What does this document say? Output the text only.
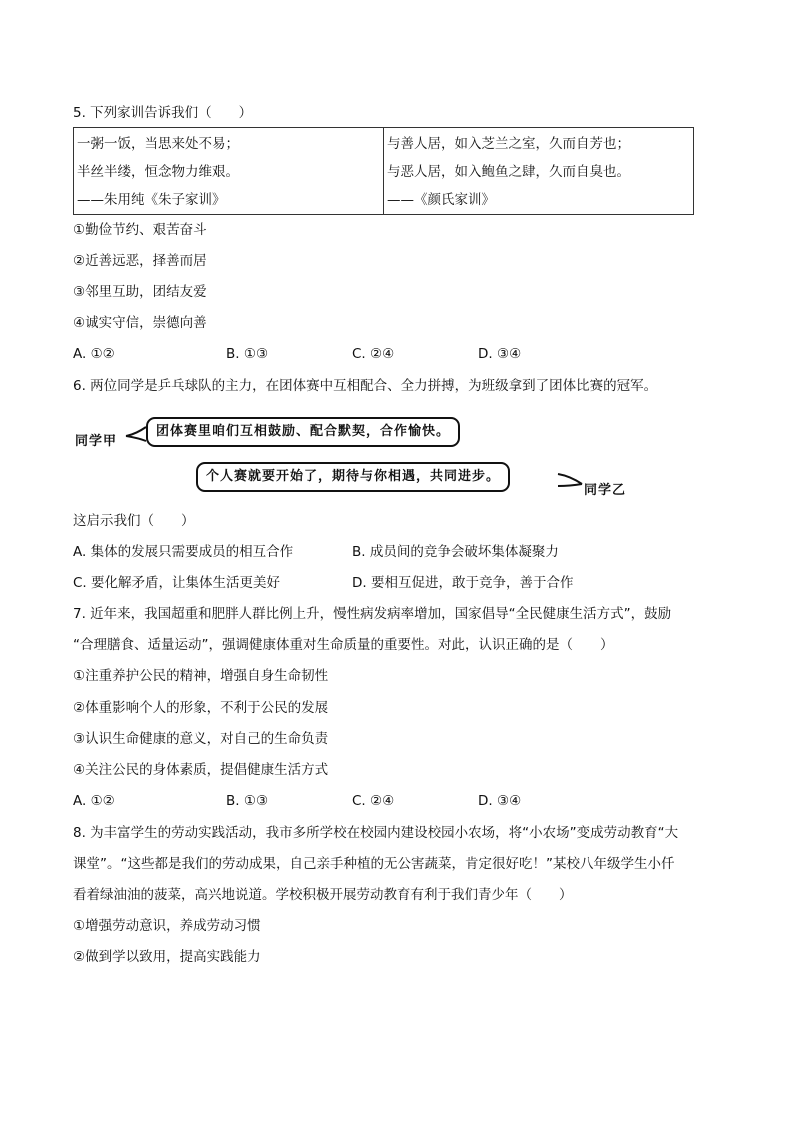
5. 下列家训告诉我们（　　）
一粥一饭，当思来处不易；
半丝半缕，恒念物力维艰。
——朱用纯《朱子家训》

与善人居，如入芝兰之室，久而自芳也；
与恶人居，如入鲍鱼之肆，久而自臭也。
——《颜氏家训》
①勤俭节约、艰苦奋斗
②近善远恶，择善而居
③邻里互助，团结友爱
④诚实守信，崇德向善
A. ①②	B. ①③	C. ②④	D. ③④
6. 两位同学是乒乓球队的主力，在团体赛中互相配合、全力拼搏，为班级拿到了团体比赛的冠军。
同学甲
团体赛里咱们互相鼓励、配合默契，合作愉快。
个人赛就要开始了，期待与你相遇，共同进步。
同学乙
这启示我们（　　）
A. 集体的发展只需要成员的相互合作	B. 成员间的竞争会破坏集体凝聚力
C. 要化解矛盾，让集体生活更美好	D. 要相互促进，敢于竞争，善于合作
7. 近年来，我国超重和肥胖人群比例上升，慢性病发病率增加，国家倡导“全民健康生活方式”，鼓励
“合理膳食、适量运动”，强调健康体重对生命质量的重要性。对此，认识正确的是（　　）
①注重养护公民的精神，增强自身生命韧性
②体重影响个人的形象，不利于公民的发展
③认识生命健康的意义，对自己的生命负责
④关注公民的身体素质，提倡健康生活方式
A. ①②	B. ①③	C. ②④	D. ③④
8. 为丰富学生的劳动实践活动，我市多所学校在校园内建设校园小农场，将“小农场”变成劳动教育“大
课堂”。“这些都是我们的劳动成果，自己亲手种植的无公害蔬菜，肯定很好吃！”某校八年级学生小仟
看着绿油油的菠菜，高兴地说道。学校积极开展劳动教育有利于我们青少年（　　）
①增强劳动意识，养成劳动习惯
②做到学以致用，提高实践能力
